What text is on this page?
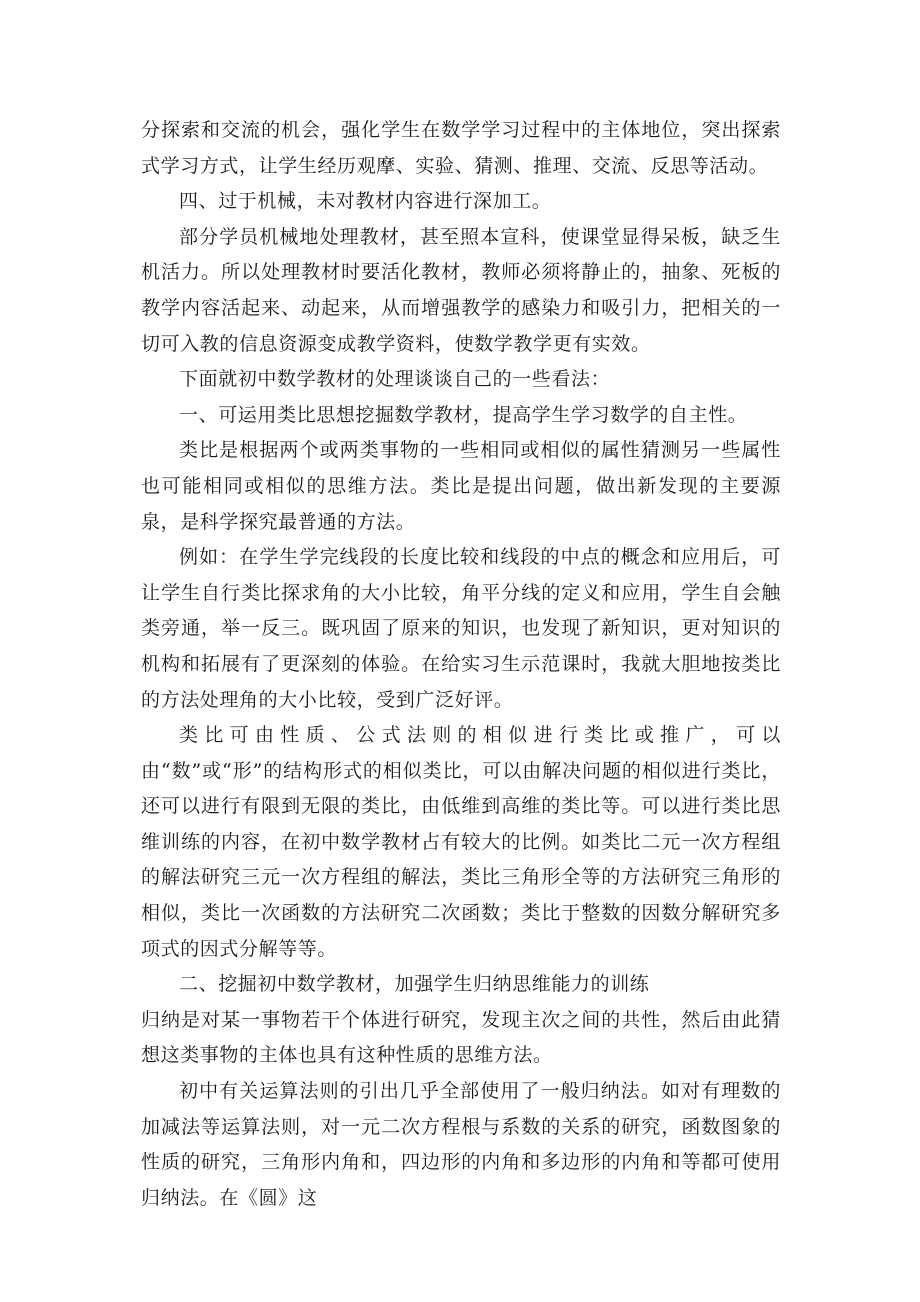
分探索和交流的机会，强化学生在数学学习过程中的主体地位，突出探索式学习方式，让学生经历观摩、实验、猜测、推理、交流、反思等活动。

四、过于机械，未对教材内容进行深加工。

部分学员机械地处理教材，甚至照本宣科，使课堂显得呆板，缺乏生机活力。所以处理教材时要活化教材，教师必须将静止的，抽象、死板的教学内容活起来、动起来，从而增强教学的感染力和吸引力，把相关的一切可入教的信息资源变成教学资料，使数学教学更有实效。

下面就初中数学教材的处理谈谈自己的一些看法：

一、可运用类比思想挖掘数学教材，提高学生学习数学的自主性。

类比是根据两个或两类事物的一些相同或相似的属性猜测另一些属性也可能相同或相似的思维方法。类比是提出问题，做出新发现的主要源泉，是科学探究最普通的方法。

例如：在学生学完线段的长度比较和线段的中点的概念和应用后，可让学生自行类比探求角的大小比较，角平分线的定义和应用，学生自会触类旁通，举一反三。既巩固了原来的知识，也发现了新知识，更对知识的机构和拓展有了更深刻的体验。在给实习生示范课时，我就大胆地按类比的方法处理角的大小比较，受到广泛好评。

类比可由性质、公式法则的相似进行类比或推广，可以由“数”或“形”的结构形式的相似类比，可以由解决问题的相似进行类比，还可以进行有限到无限的类比，由低维到高维的类比等。可以进行类比思维训练的内容，在初中数学教材占有较大的比例。如类比二元一次方程组的解法研究三元一次方程组的解法，类比三角形全等的方法研究三角形的相似，类比一次函数的方法研究二次函数；类比于整数的因数分解研究多项式的因式分解等等。

二、挖掘初中数学教材，加强学生归纳思维能力的训练

归纳是对某一事物若干个体进行研究，发现主次之间的共性，然后由此猜想这类事物的主体也具有这种性质的思维方法。

初中有关运算法则的引出几乎全部使用了一般归纳法。如对有理数的加减法等运算法则，对一元二次方程根与系数的关系的研究，函数图象的性质的研究，三角形内角和，四边形的内角和多边形的内角和等都可使用归纳法。在《圆》这
